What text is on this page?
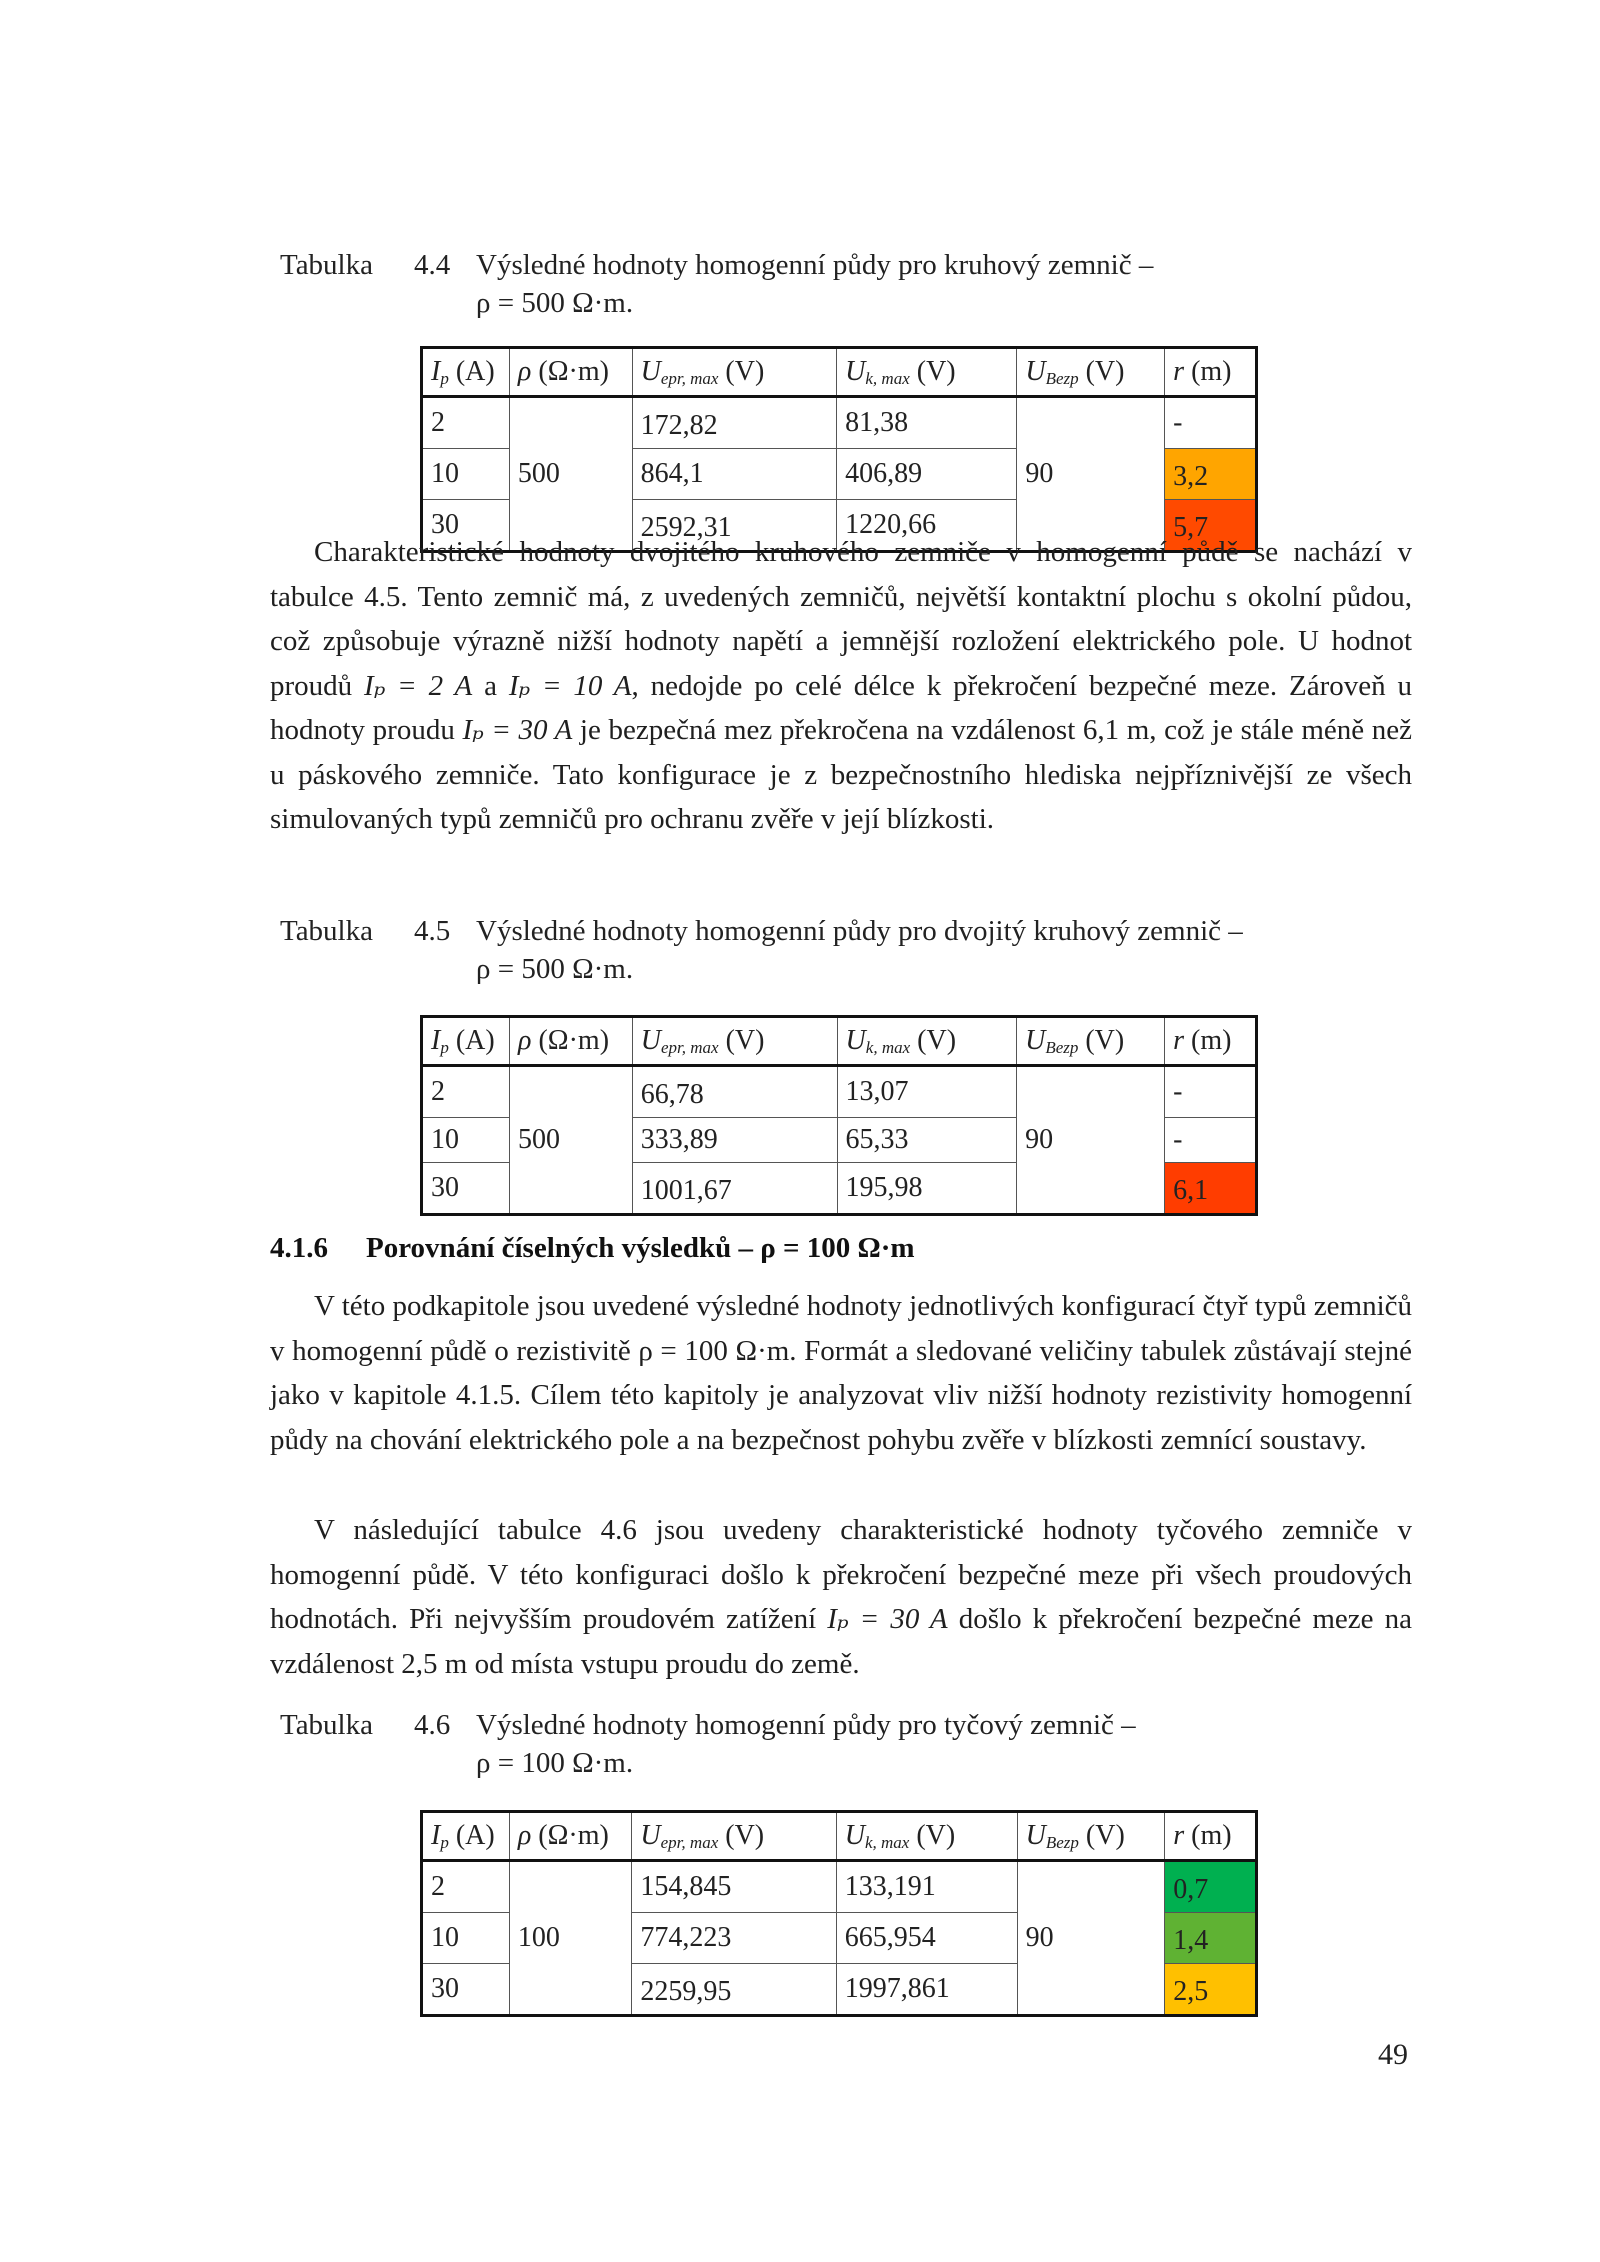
Tabulka 4.4 Výsledné hodnoty homogenní půdy pro kruhový zemnič –
ρ = 500 Ω·m.
$I_p$ (A)	ρ (Ω·m)	$U_{epr, max}$ (V)	$U_{k, max}$ (V)	$U_{Bezp}$ (V)	r (m)
2	500	172,82	81,38	90	-
10		864,1	406,89		3,2
30		2592,31	1220,66		5,7

Charakteristické hodnoty dvojitého kruhového zemniče v homogenní půdě se nachází v tabulce 4.5. Tento zemnič má, z uvedených zemničů, největší kontaktní plochu s okolní půdou, což způsobuje výrazně nižší hodnoty napětí a jemnější rozložení elektrického pole. U hodnot proudů Iₚ = 2 A a Iₚ = 10 A, nedojde po celé délce k překročení bezpečné meze. Zároveň u hodnoty proudu Iₚ = 30 A je bezpečná mez překročena na vzdálenost 6,1 m, což je stále méně než u páskového zemniče. Tato konfigurace je z bezpečnostního hlediska nejpříznivější ze všech simulovaných typů zemničů pro ochranu zvěře v její blízkosti.

Tabulka 4.5 Výsledné hodnoty homogenní půdy pro dvojitý kruhový zemnič –
ρ = 500 Ω·m.
$I_p$ (A)	ρ (Ω·m)	$U_{epr, max}$ (V)	$U_{k, max}$ (V)	$U_{Bezp}$ (V)	r (m)
2	500	66,78	13,07	90	-
10		333,89	65,33		-
30		1001,67	195,98		6,1
4.1.6 Porovnání číselných výsledků – ρ = 100 Ω·m

V této podkapitole jsou uvedené výsledné hodnoty jednotlivých konfigurací čtyř typů zemničů v homogenní půdě o rezistivitě ρ = 100 Ω·m. Formát a sledované veličiny tabulek zůstávají stejné jako v kapitole 4.1.5. Cílem této kapitoly je analyzovat vliv nižší hodnoty rezistivity homogenní půdy na chování elektrického pole a na bezpečnost pohybu zvěře v blízkosti zemnící soustavy.

V následující tabulce 4.6 jsou uvedeny charakteristické hodnoty tyčového zemniče v homogenní půdě. V této konfiguraci došlo k překročení bezpečné meze při všech proudových hodnotách. Při nejvyšším proudovém zatížení Iₚ = 30 A došlo k překročení bezpečné meze na vzdálenost 2,5 m od místa vstupu proudu do země.

Tabulka 4.6 Výsledné hodnoty homogenní půdy pro tyčový zemnič –
ρ = 100 Ω·m.
$I_p$ (A)	ρ (Ω·m)	$U_{epr, max}$ (V)	$U_{k, max}$ (V)	$U_{Bezp}$ (V)	r (m)
2	100	154,845	133,191	90	0,7
10		774,223	665,954		1,4
30		2259,95	1997,861		2,5
49
